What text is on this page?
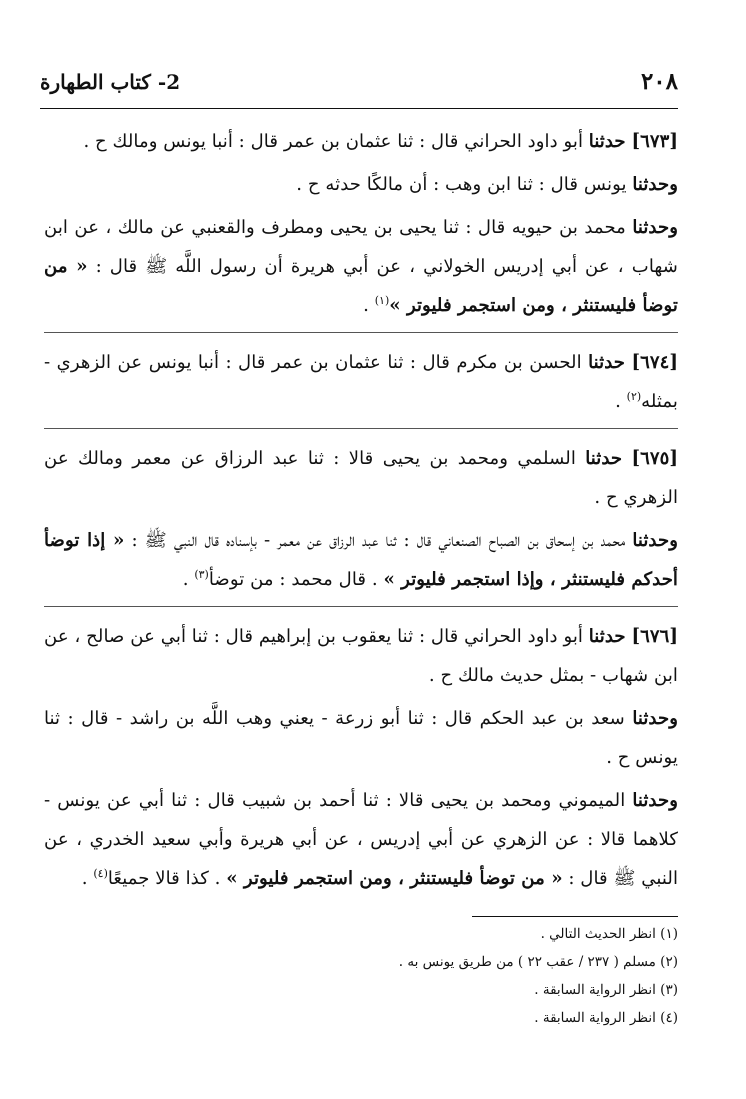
٢٠٨
2- كتاب الطهارة

[٦٧٣] حدثنا أبو داود الحراني قال : ثنا عثمان بن عمر قال : أنبا يونس ومالك ح .

وحدثنا يونس قال : ثنا ابن وهب : أن مالكًا حدثه ح .

وحدثنا محمد بن حيويه قال : ثنا يحيى بن يحيى ومطرف والقعنبي عن مالك ، عن ابن شهاب ، عن أبي إدريس الخولاني ، عن أبي هريرة أن رسول اللَّه ﷺ قال : « من توضأ فليستنثر ، ومن استجمر فليوتر »$^{(١)}$ .

[٦٧٤] حدثنا الحسن بن مكرم قال : ثنا عثمان بن عمر قال : أنبا يونس عن الزهري - بمثله$^{(٢)}$ .

[٦٧٥] حدثنا السلمي ومحمد بن يحيى قالا : ثنا عبد الرزاق عن معمر ومالك عن الزهري ح .

وحدثنا محمد بن إسحاق بن الصباح الصنعاني قال : ثنا عبد الرزاق عن معمر - بإسناده قال النبي ﷺ : « إذا توضأ أحدكم فليستنثر ، وإذا استجمر فليوتر » . قال محمد : من توضأ$^{(٣)}$ .

[٦٧٦] حدثنا أبو داود الحراني قال : ثنا يعقوب بن إبراهيم قال : ثنا أبي عن صالح ، عن ابن شهاب - بمثل حديث مالك ح .

وحدثنا سعد بن عبد الحكم قال : ثنا أبو زرعة - يعني وهب اللَّه بن راشد - قال : ثنا يونس ح .

وحدثنا الميموني ومحمد بن يحيى قالا : ثنا أحمد بن شبيب قال : ثنا أبي عن يونس - كلاهما قالا : عن الزهري عن أبي إدريس ، عن أبي هريرة وأبي سعيد الخدري ، عن النبي ﷺ قال : « من توضأ فليستنثر ، ومن استجمر فليوتر » . كذا قالا جميعًا$^{(٤)}$ .

(١) انظر الحديث التالي .

(٢) مسلم ( ٢٣٧ / عقب ٢٢ ) من طريق يونس به .

(٣) انظر الرواية السابقة .

(٤) انظر الرواية السابقة .
